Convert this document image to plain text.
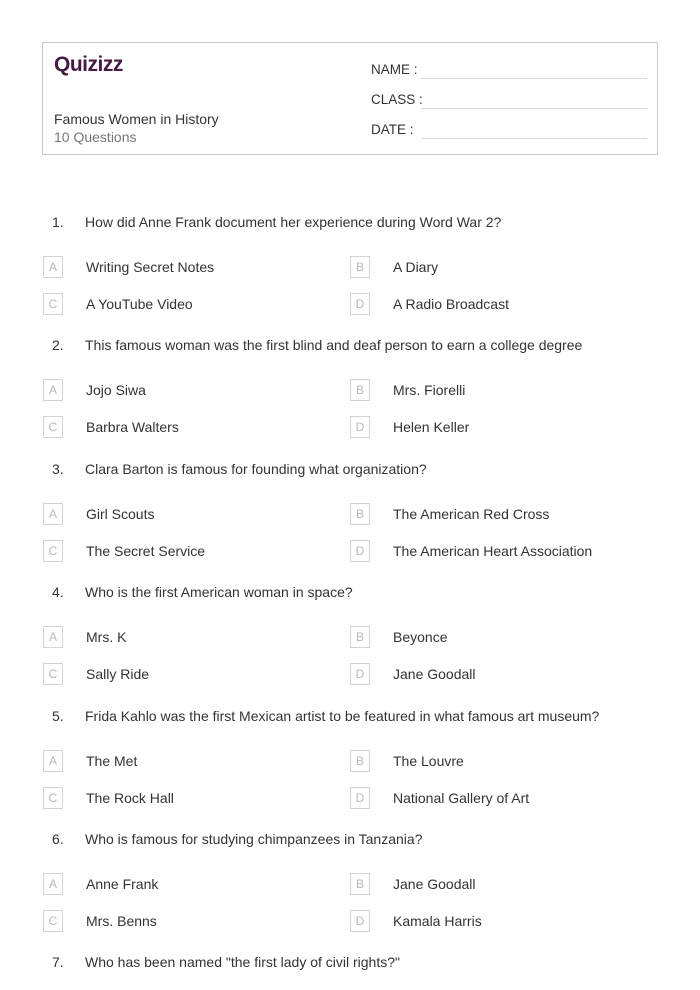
Quizizz
Famous Women in History
10 Questions
NAME :
CLASS :
DATE :
1. How did Anne Frank document her experience during Word War 2?
A	Writing Secret Notes	B	A Diary
C	A YouTube Video	D	A Radio Broadcast
2. This famous woman was the first blind and deaf person to earn a college degree
A	Jojo Siwa	B	Mrs. Fiorelli
C	Barbra Walters	D	Helen Keller
3. Clara Barton is famous for founding what organization?
A	Girl Scouts	B	The American Red Cross
C	The Secret Service	D	The American Heart Association
4. Who is the first American woman in space?
A	Mrs. K	B	Beyonce
C	Sally Ride	D	Jane Goodall
5. Frida Kahlo was the first Mexican artist to be featured in what famous art museum?
A	The Met	B	The Louvre
C	The Rock Hall	D	National Gallery of Art
6. Who is famous for studying chimpanzees in Tanzania?
A	Anne Frank	B	Jane Goodall
C	Mrs. Benns	D	Kamala Harris
7. Who has been named "the first lady of civil rights?"
